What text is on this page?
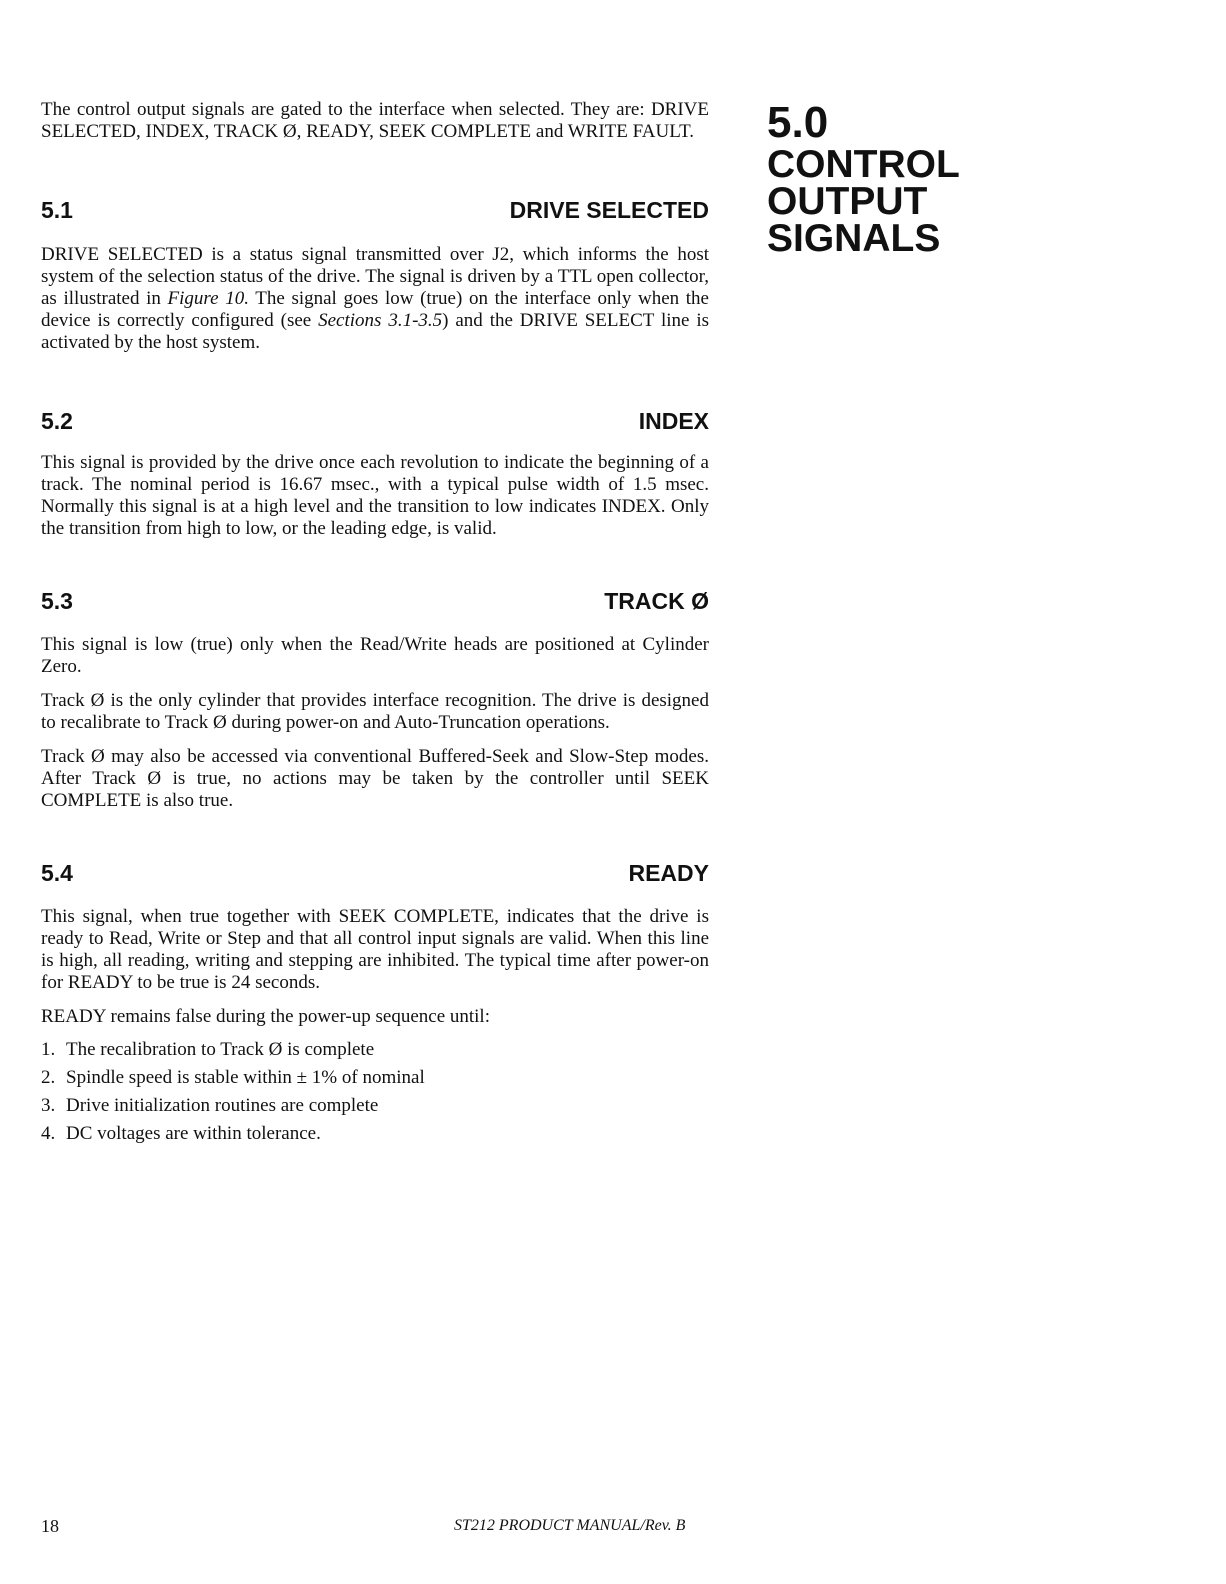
5.0
CONTROL
OUTPUT
SIGNALS

The control output signals are gated to the interface when selected. They are: DRIVE SELECTED, INDEX, TRACK Ø, READY, SEEK COMPLETE and WRITE FAULT.

5.1	DRIVE SELECTED

DRIVE SELECTED is a status signal transmitted over J2, which informs the host system of the selection status of the drive. The signal is driven by a TTL open collector, as illustrated in Figure 10. The signal goes low (true) on the interface only when the device is correctly configured (see Sections 3.1-3.5) and the DRIVE SELECT line is activated by the host system.

5.2	INDEX

This signal is provided by the drive once each revolution to indicate the beginning of a track. The nominal period is 16.67 msec., with a typical pulse width of 1.5 msec. Normally this signal is at a high level and the transition to low indicates INDEX. Only the transition from high to low, or the leading edge, is valid.

5.3	TRACK Ø

This signal is low (true) only when the Read/Write heads are positioned at Cylinder Zero.

Track Ø is the only cylinder that provides interface recognition. The drive is designed to recalibrate to Track Ø during power-on and Auto-Truncation operations.

Track Ø may also be accessed via conventional Buffered-Seek and Slow-Step modes. After Track Ø is true, no actions may be taken by the controller until SEEK COMPLETE is also true.

5.4	READY

This signal, when true together with SEEK COMPLETE, indicates that the drive is ready to Read, Write or Step and that all control input signals are valid. When this line is high, all reading, writing and stepping are inhibited. The typical time after power-on for READY to be true is 24 seconds.

READY remains false during the power-up sequence until:

1. The recalibration to Track Ø is complete
2. Spindle speed is stable within ± 1% of nominal
3. Drive initialization routines are complete
4. DC voltages are within tolerance.
18	ST212 PRODUCT MANUAL/Rev. B
